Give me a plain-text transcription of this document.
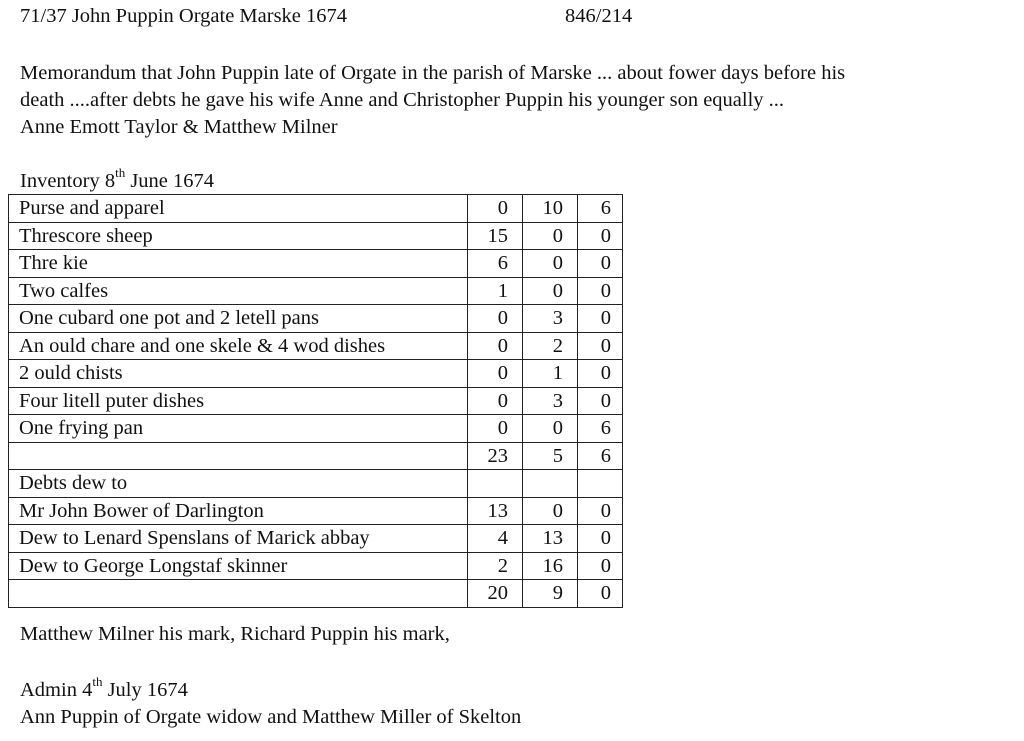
71/37 John Puppin Orgate Marske 1674	846/214
Memorandum that John Puppin late of Orgate in the parish of Marske ... about fower days before his
death ....after debts he gave his wife Anne and Christopher Puppin his younger son equally ...
Anne Emott Taylor & Matthew Milner
Inventory 8th June 1674
Purse and apparel	0	10	6
Threscore sheep	15	0	0
Thre kie	6	0	0
Two calfes	1	0	0
One cubard one pot and 2 letell pans	0	3	0
An ould chare and one skele & 4 wod dishes	0	2	0
2 ould chists	0	1	0
Four litell puter dishes	0	3	0
One frying pan	0	0	6
	23	5	6
Debts dew to			
Mr John Bower of Darlington	13	0	0
Dew to Lenard Spenslans of Marick abbay	4	13	0
Dew to George Longstaf skinner	2	16	0
	20	9	0
Matthew Milner his mark, Richard Puppin his mark,
Admin 4th July 1674
Ann Puppin of Orgate widow and Matthew Miller of Skelton
